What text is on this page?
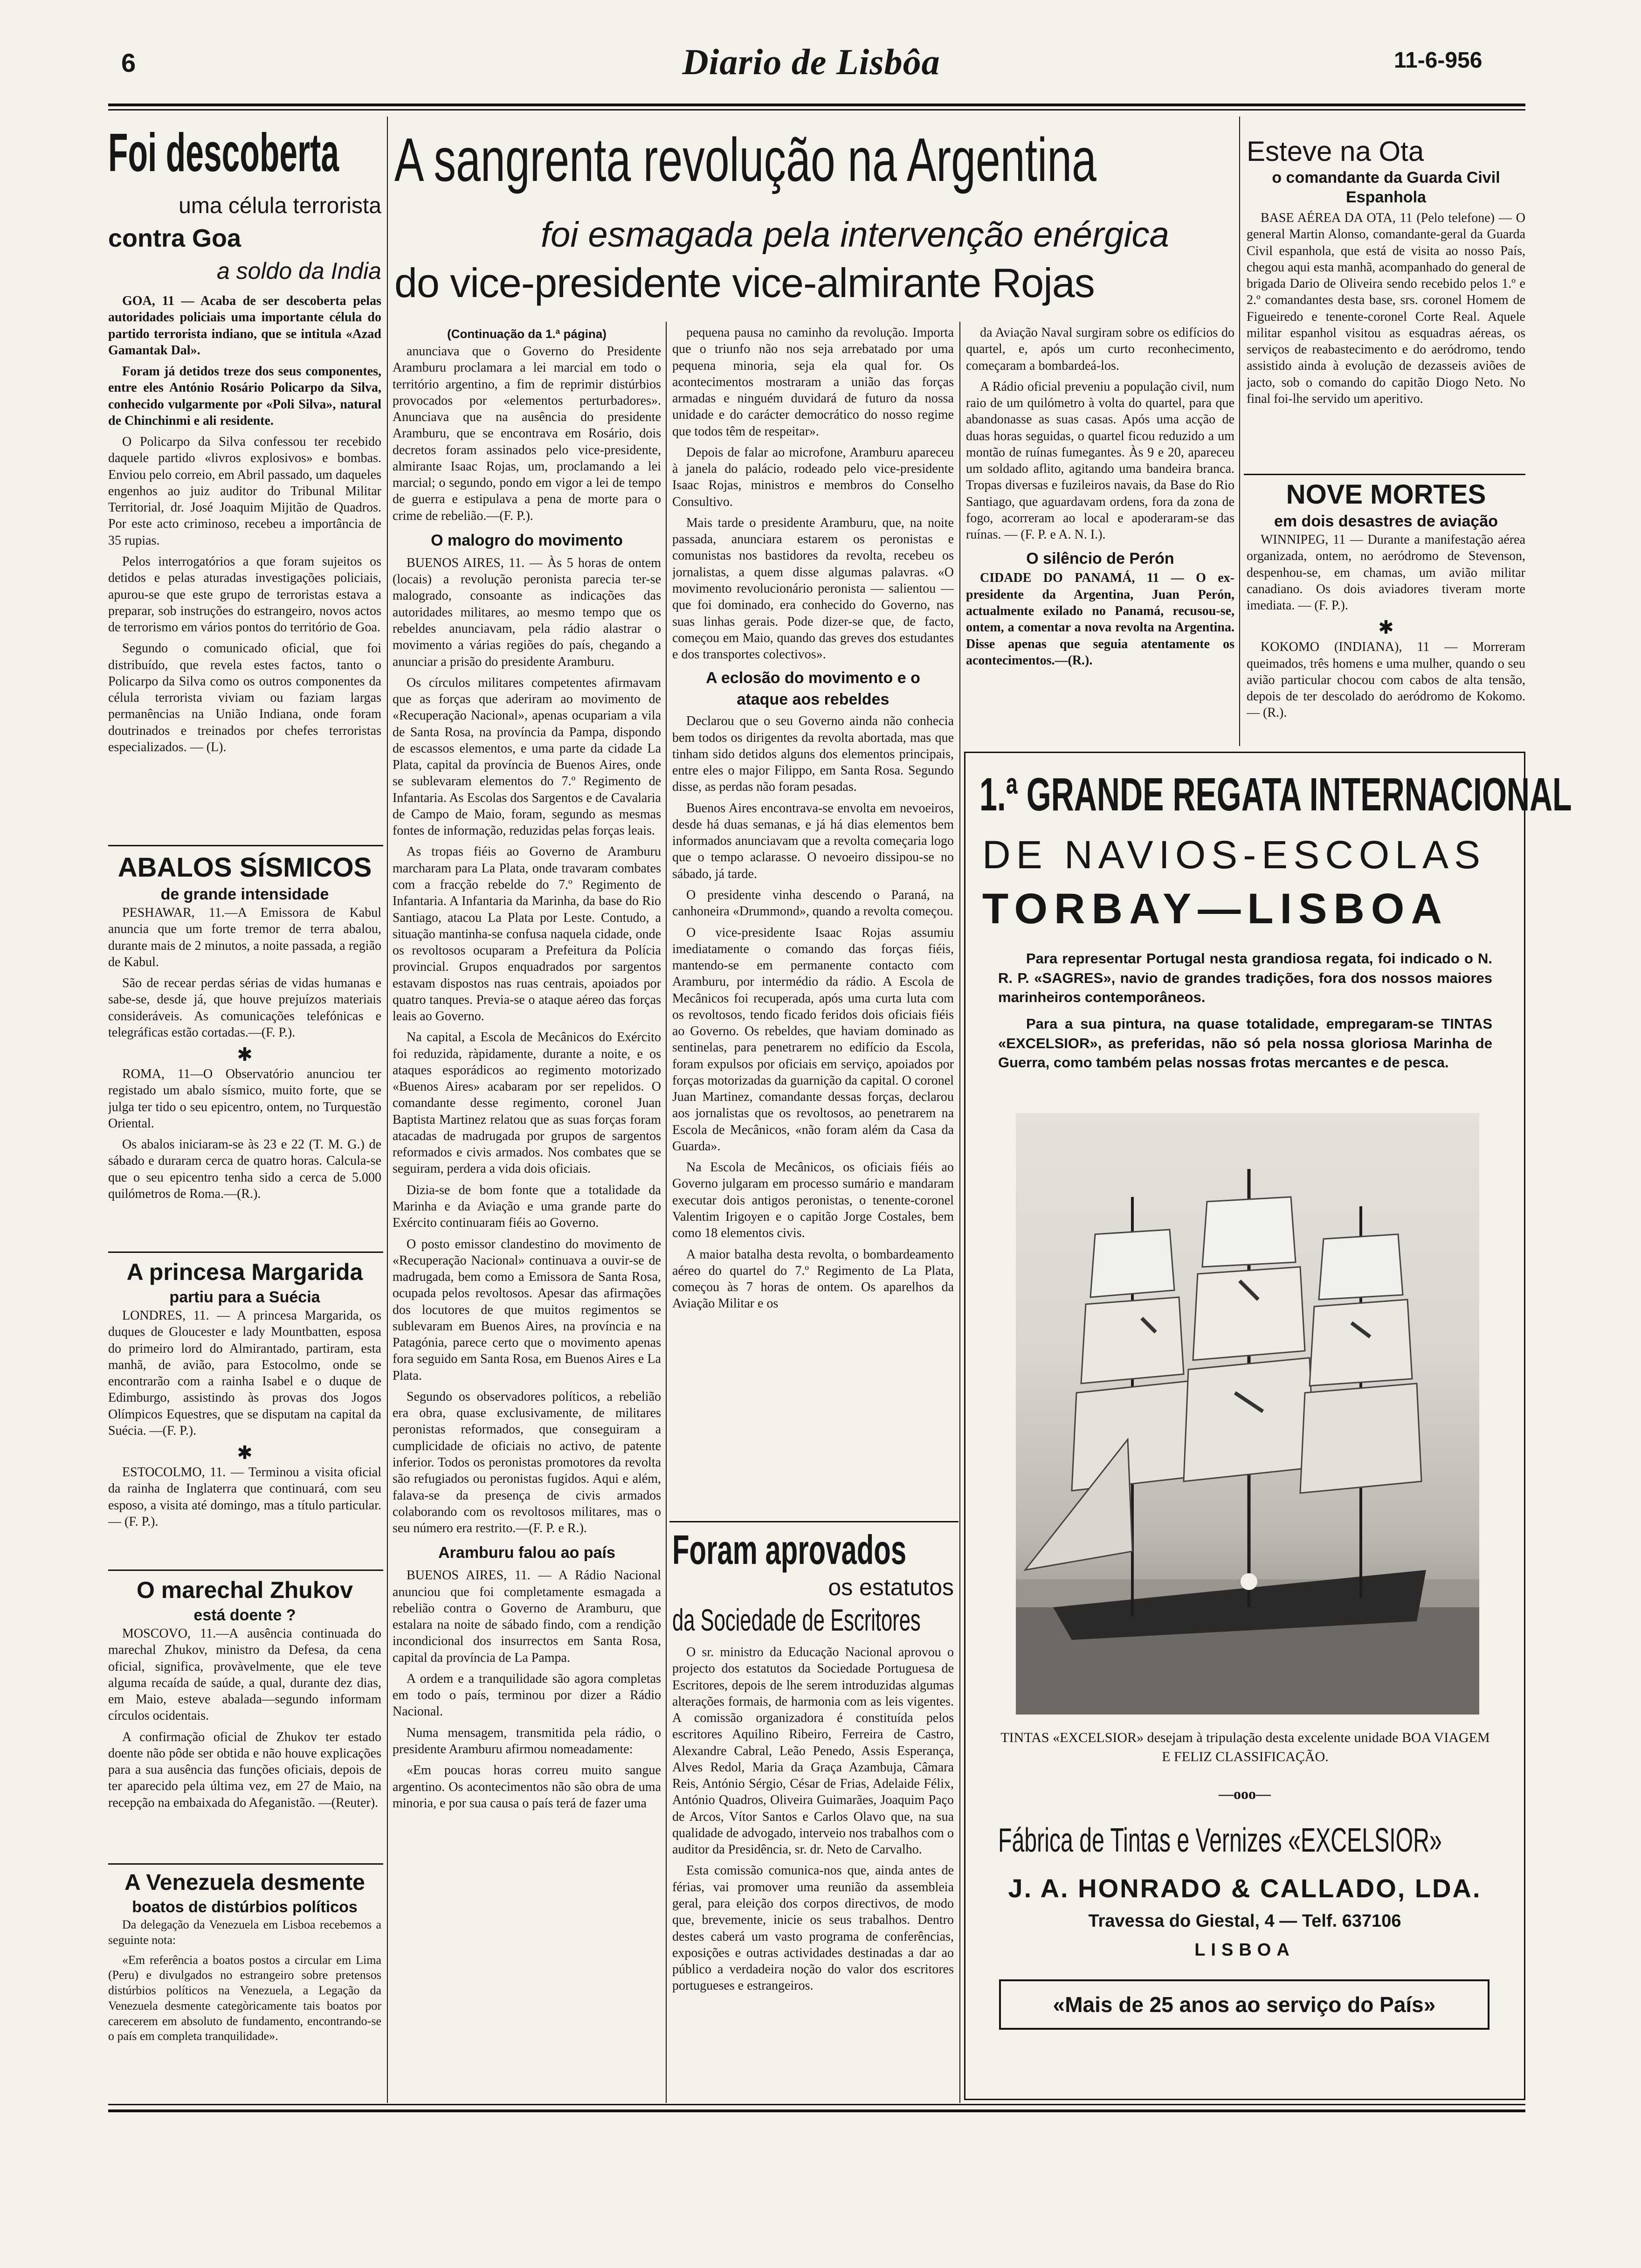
6	Diario de Lisbôa	11-6-956
Foi descoberta
uma célula terrorista
contra Goa
a soldo da India

GOA, 11 — Acaba de ser descoberta pelas autoridades policiais uma importante célula do partido terrorista indiano, que se intitula «Azad Gamantak Dal».

Foram já detidos treze dos seus componentes, entre eles António Rosário Policarpo da Silva, conhecido vulgarmente por «Poli Silva», natural de Chinchinmi e ali residente.

O Policarpo da Silva confessou ter recebido daquele partido «livros explosivos» e bombas. Enviou pelo correio, em Abril passado, um daqueles engenhos ao juiz auditor do Tribunal Militar Territorial, dr. José Joaquim Mijitão de Quadros. Por este acto criminoso, recebeu a importância de 35 rupias.

Pelos interrogatórios a que foram sujeitos os detidos e pelas aturadas investigações policiais, apurou-se que este grupo de terroristas estava a preparar, sob instruções do estrangeiro, novos actos de terrorismo em vários pontos do território de Goa.

Segundo o comunicado oficial, que foi distribuído, que revela estes factos, tanto o Policarpo da Silva como os outros componentes da célula terrorista viviam ou faziam largas permanências na União Indiana, onde foram doutrinados e treinados por chefes terroristas especializados. — (L).

ABALOS SÍSMICOS
de grande intensidade

PESHAWAR, 11.—A Emissora de Kabul anuncia que um forte tremor de terra abalou, durante mais de 2 minutos, a noite passada, a região de Kabul.

São de recear perdas sérias de vidas humanas e sabe-se, desde já, que houve prejuízos materiais consideráveis. As comunicações telefónicas e telegráficas estão cortadas.—(F. P.).

✱

ROMA, 11—O Observatório anunciou ter registado um abalo sísmico, muito forte, que se julga ter tido o seu epicentro, ontem, no Turquestão Oriental.

Os abalos iniciaram-se às 23 e 22 (T. M. G.) de sábado e duraram cerca de quatro horas. Calcula-se que o seu epicentro tenha sido a cerca de 5.000 quilómetros de Roma.—(R.).

A princesa Margarida
partiu para a Suécia

LONDRES, 11. — A princesa Margarida, os duques de Gloucester e lady Mountbatten, esposa do primeiro lord do Almirantado, partiram, esta manhã, de avião, para Estocolmo, onde se encontrarão com a rainha Isabel e o duque de Edimburgo, assistindo às provas dos Jogos Olímpicos Equestres, que se disputam na capital da Suécia. —(F. P.).

✱

ESTOCOLMO, 11. — Terminou a visita oficial da rainha de Inglaterra que continuará, com seu esposo, a visita até domingo, mas a título particular. — (F. P.).

O marechal Zhukov
está doente ?

MOSCOVO, 11.—A ausência continuada do marechal Zhukov, ministro da Defesa, da cena oficial, significa, provàvelmente, que ele teve alguma recaída de saúde, a qual, durante dez dias, em Maio, esteve abalada—segundo informam círculos ocidentais.

A confirmação oficial de Zhukov ter estado doente não pôde ser obtida e não houve explicações para a sua ausência das funções oficiais, depois de ter aparecido pela última vez, em 27 de Maio, na recepção na embaixada do Afeganistão. —(Reuter).

A Venezuela desmente
boatos de distúrbios políticos

Da delegação da Venezuela em Lisboa recebemos a seguinte nota:

«Em referência a boatos postos a circular em Lima (Peru) e divulgados no estrangeiro sobre pretensos distúrbios políticos na Venezuela, a Legação da Venezuela desmente categòricamente tais boatos por carecerem em absoluto de fundamento, encontrando-se o país em completa tranquilidade».

A sangrenta revolução na Argentina
foi esmagada pela intervenção enérgica
do vice-presidente vice-almirante Rojas
(Continuação da 1.ª página)

anunciava que o Governo do Presidente Aramburu proclamara a lei marcial em todo o território argentino, a fim de reprimir distúrbios provocados por «elementos perturbadores». Anunciava que na ausência do presidente Aramburu, que se encontrava em Rosário, dois decretos foram assinados pelo vice-presidente, almirante Isaac Rojas, um, proclamando a lei marcial; o segundo, pondo em vigor a lei de tempo de guerra e estipulava a pena de morte para o crime de rebelião.—(F. P.).

O malogro do movimento

BUENOS AIRES, 11. — Às 5 horas de ontem (locais) a revolução peronista parecia ter-se malogrado, consoante as indicações das autoridades militares, ao mesmo tempo que os rebeldes anunciavam, pela rádio alastrar o movimento a várias regiões do país, chegando a anunciar a prisão do presidente Aramburu.

Os círculos militares competentes afirmavam que as forças que aderiram ao movimento de «Recuperação Nacional», apenas ocupariam a vila de Santa Rosa, na província da Pampa, dispondo de escassos elementos, e uma parte da cidade La Plata, capital da província de Buenos Aires, onde se sublevaram elementos do 7.º Regimento de Infantaria. As Escolas dos Sargentos e de Cavalaria de Campo de Maio, foram, segundo as mesmas fontes de informação, reduzidas pelas forças leais.

As tropas fiéis ao Governo de Aramburu marcharam para La Plata, onde travaram combates com a fracção rebelde do 7.º Regimento de Infantaria. A Infantaria da Marinha, da base do Rio Santiago, atacou La Plata por Leste. Contudo, a situação mantinha-se confusa naquela cidade, onde os revoltosos ocuparam a Prefeitura da Polícia provincial. Grupos enquadrados por sargentos estavam dispostos nas ruas centrais, apoiados por quatro tanques. Previa-se o ataque aéreo das forças leais ao Governo.

Na capital, a Escola de Mecânicos do Exército foi reduzida, ràpidamente, durante a noite, e os ataques esporádicos ao regimento motorizado «Buenos Aires» acabaram por ser repelidos. O comandante desse regimento, coronel Juan Baptista Martinez relatou que as suas forças foram atacadas de madrugada por grupos de sargentos reformados e civis armados. Nos combates que se seguiram, perdera a vida dois oficiais.

Dizia-se de bom fonte que a totalidade da Marinha e da Aviação e uma grande parte do Exército continuaram fiéis ao Governo.

O posto emissor clandestino do movimento de «Recuperação Nacional» continuava a ouvir-se de madrugada, bem como a Emissora de Santa Rosa, ocupada pelos revoltosos. Apesar das afirmações dos locutores de que muitos regimentos se sublevaram em Buenos Aires, na província e na Patagónia, parece certo que o movimento apenas fora seguido em Santa Rosa, em Buenos Aires e La Plata.

Segundo os observadores políticos, a rebelião era obra, quase exclusivamente, de militares peronistas reformados, que conseguiram a cumplicidade de oficiais no activo, de patente inferior. Todos os peronistas promotores da revolta são refugiados ou peronistas fugidos. Aqui e além, falava-se da presença de civis armados colaborando com os revoltosos militares, mas o seu número era restrito.—(F. P. e R.).

Aramburu falou ao país

BUENOS AIRES, 11. — A Rádio Nacional anunciou que foi completamente esmagada a rebelião contra o Governo de Aramburu, que estalara na noite de sábado findo, com a rendição incondicional dos insurrectos em Santa Rosa, capital da província de La Pampa.

A ordem e a tranquilidade são agora completas em todo o país, terminou por dizer a Rádio Nacional.

Numa mensagem, transmitida pela rádio, o presidente Aramburu afirmou nomeadamente:

«Em poucas horas correu muito sangue argentino. Os acontecimentos não são obra de uma minoria, e por sua causa o país terá de fazer uma

pequena pausa no caminho da revolução. Importa que o triunfo não nos seja arrebatado por uma pequena minoria, seja ela qual for. Os acontecimentos mostraram a união das forças armadas e ninguém duvidará de futuro da nossa unidade e do carácter democrático do nosso regime que todos têm de respeitar».

Depois de falar ao microfone, Aramburu apareceu à janela do palácio, rodeado pelo vice-presidente Isaac Rojas, ministros e membros do Conselho Consultivo.

Mais tarde o presidente Aramburu, que, na noite passada, anunciara estarem os peronistas e comunistas nos bastidores da revolta, recebeu os jornalistas, a quem disse algumas palavras. «O movimento revolucionário peronista — salientou — que foi dominado, era conhecido do Governo, nas suas linhas gerais. Pode dizer-se que, de facto, começou em Maio, quando das greves dos estudantes e dos transportes colectivos».

A eclosão do movimento e o ataque aos rebeldes

Declarou que o seu Governo ainda não conhecia bem todos os dirigentes da revolta abortada, mas que tinham sido detidos alguns dos elementos principais, entre eles o major Filippo, em Santa Rosa. Segundo disse, as perdas não foram pesadas.

Buenos Aires encontrava-se envolta em nevoeiros, desde há duas semanas, e já há dias elementos bem informados anunciavam que a revolta começaria logo que o tempo aclarasse. O nevoeiro dissipou-se no sábado, já tarde.

O presidente vinha descendo o Paraná, na canhoneira «Drummond», quando a revolta começou.

O vice-presidente Isaac Rojas assumiu imediatamente o comando das forças fiéis, mantendo-se em permanente contacto com Aramburu, por intermédio da rádio. A Escola de Mecânicos foi recuperada, após uma curta luta com os revoltosos, tendo ficado feridos dois oficiais fiéis ao Governo. Os rebeldes, que haviam dominado as sentinelas, para penetrarem no edifício da Escola, foram expulsos por oficiais em serviço, apoiados por forças motorizadas da guarnição da capital. O coronel Juan Martinez, comandante dessas forças, declarou aos jornalistas que os revoltosos, ao penetrarem na Escola de Mecânicos, «não foram além da Casa da Guarda».

Na Escola de Mecânicos, os oficiais fiéis ao Governo julgaram em processo sumário e mandaram executar dois antigos peronistas, o tenente-coronel Valentim Irigoyen e o capitão Jorge Costales, bem como 18 elementos civis.

A maior batalha desta revolta, o bombardeamento aéreo do quartel do 7.º Regimento de La Plata, começou às 7 horas de ontem. Os aparelhos da Aviação Militar e os

Foram aprovados
os estatutos
da Sociedade de Escritores

O sr. ministro da Educação Nacional aprovou o projecto dos estatutos da Sociedade Portuguesa de Escritores, depois de lhe serem introduzidas algumas alterações formais, de harmonia com as leis vigentes. A comissão organizadora é constituída pelos escritores Aquilino Ribeiro, Ferreira de Castro, Alexandre Cabral, Leão Penedo, Assis Esperança, Alves Redol, Maria da Graça Azambuja, Câmara Reis, António Sérgio, César de Frias, Adelaide Félix, António Quadros, Oliveira Guimarães, Joaquim Paço de Arcos, Vítor Santos e Carlos Olavo que, na sua qualidade de advogado, interveio nos trabalhos com o auditor da Presidência, sr. dr. Neto de Carvalho.

Esta comissão comunica-nos que, ainda antes de férias, vai promover uma reunião da assembleia geral, para eleição dos corpos directivos, de modo que, brevemente, inicie os seus trabalhos. Dentro destes caberá um vasto programa de conferências, exposições e outras actividades destinadas a dar ao público a verdadeira noção do valor dos escritores portugueses e estrangeiros.

da Aviação Naval surgiram sobre os edifícios do quartel, e, após um curto reconhecimento, começaram a bombardeá-los.

A Rádio oficial preveniu a população civil, num raio de um quilómetro à volta do quartel, para que abandonasse as suas casas. Após uma acção de duas horas seguidas, o quartel ficou reduzido a um montão de ruínas fumegantes. Às 9 e 20, apareceu um soldado aflito, agitando uma bandeira branca. Tropas diversas e fuzileiros navais, da Base do Rio Santiago, que aguardavam ordens, fora da zona de fogo, acorreram ao local e apoderaram-se das ruínas. — (F. P. e A. N. I.).

O silêncio de Perón

CIDADE DO PANAMÁ, 11 — O ex-presidente da Argentina, Juan Perón, actualmente exilado no Panamá, recusou-se, ontem, a comentar a nova revolta na Argentina. Disse apenas que seguia atentamente os acontecimentos.—(R.).

Esteve na Ota
o comandante da Guarda Civil Espanhola

BASE AÉREA DA OTA, 11 (Pelo telefone) — O general Martin Alonso, comandante-geral da Guarda Civil espanhola, que está de visita ao nosso País, chegou aqui esta manhã, acompanhado do general de brigada Dario de Oliveira sendo recebido pelos 1.º e 2.º comandantes desta base, srs. coronel Homem de Figueiredo e tenente-coronel Corte Real. Aquele militar espanhol visitou as esquadras aéreas, os serviços de reabastecimento e do aeródromo, tendo assistido ainda à evolução de dezasseis aviões de jacto, sob o comando do capitão Diogo Neto. No final foi-lhe servido um aperitivo.

NOVE MORTES
em dois desastres de aviação

WINNIPEG, 11 — Durante a manifestação aérea organizada, ontem, no aeródromo de Stevenson, despenhou-se, em chamas, um avião militar canadiano. Os dois aviadores tiveram morte imediata. — (F. P.).

✱

KOKOMO (INDIANA), 11 — Morreram queimados, três homens e uma mulher, quando o seu avião particular chocou com cabos de alta tensão, depois de ter descolado do aeródromo de Kokomo. — (R.).

1.ª GRANDE REGATA INTERNACIONAL
DE NAVIOS-ESCOLAS
TORBAY—LISBOA
Para representar Portugal nesta grandiosa regata, foi indicado o N. R. P. «SAGRES», navio de grandes tradições, fora dos nossos maiores marinheiros contemporâneos.
Para a sua pintura, na quase totalidade, empregaram-se TINTAS «EXCELSIOR», as preferidas, não só pela nossa gloriosa Marinha de Guerra, como também pelas nossas frotas mercantes e de pesca.
TINTAS «EXCELSIOR» desejam à tripulação desta excelente unidade BOA VIAGEM E FELIZ CLASSIFICAÇÃO.
—ooo—
Fábrica de Tintas e Vernizes «EXCELSIOR»
J. A. HONRADO & CALLADO, LDA.
Travessa do Giestal, 4 — Telf. 637106
LISBOA
«Mais de 25 anos ao serviço do País»
